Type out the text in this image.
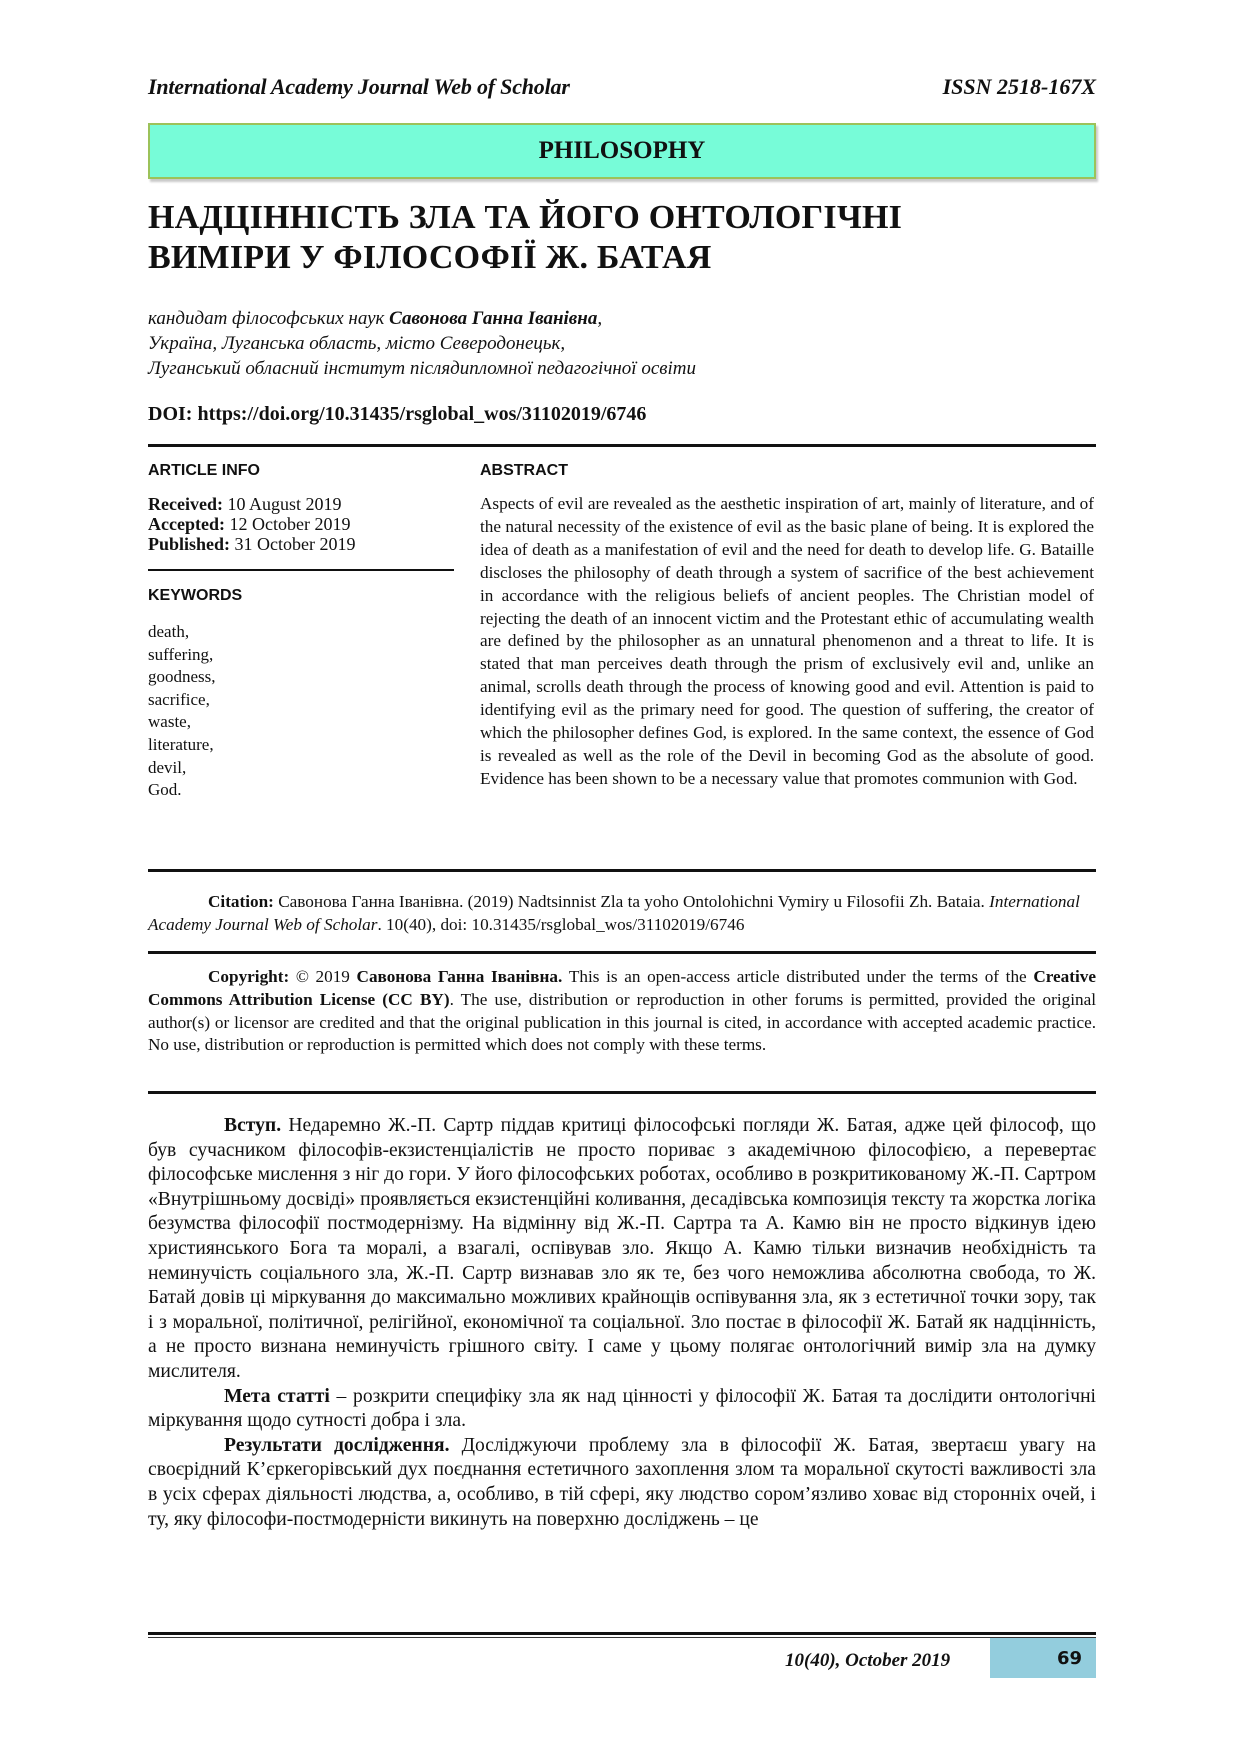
International Academy Journal Web of Scholar	ISSN 2518-167X
PHILOSOPHY
НАДЦІННІСТЬ ЗЛА ТА ЙОГО ОНТОЛОГІЧНІ
ВИМІРИ У ФІЛОСОФІЇ Ж. БАТАЯ
кандидат філософських наук Савонова Ганна Іванівна,
Україна, Луганська область, місто Северодонецьк,
Луганський обласний інститут післядипломної педагогічної освіти
DOI: https://doi.org/10.31435/rsglobal_wos/31102019/6746
ARTICLE INFO
Received: 10 August 2019
Accepted: 12 October 2019
Published: 31 October 2019
KEYWORDS
death,
suffering,
goodness,
sacrifice,
waste,
literature,
devil,
God.
ABSTRACT

Aspects of evil are revealed as the aesthetic inspiration of art, mainly of literature, and of the natural necessity of the existence of evil as the basic plane of being. It is explored the idea of death as a manifestation of evil and the need for death to develop life. G. Bataille discloses the philosophy of death through a system of sacrifice of the best achievement in accordance with the religious beliefs of ancient peoples. The Christian model of rejecting the death of an innocent victim and the Protestant ethic of accumulating wealth are defined by the philosopher as an unnatural phenomenon and a threat to life. It is stated that man perceives death through the prism of exclusively evil and, unlike an animal, scrolls death through the process of knowing good and evil. Attention is paid to identifying evil as the primary need for good. The question of suffering, the creator of which the philosopher defines God, is explored. In the same context, the essence of God is revealed as well as the role of the Devil in becoming God as the absolute of good. Evidence has been shown to be a necessary value that promotes communion with God.

Citation: Савонова Ганна Іванівна. (2019) Nadtsinnist Zla ta yoho Ontolohichni Vymiry u Filosofii Zh. Bataia. International Academy Journal Web of Scholar. 10(40), doi: 10.31435/rsglobal_wos/31102019/6746

Copyright: © 2019 Савонова Ганна Іванівна. This is an open-access article distributed under the terms of the Creative Commons Attribution License (CC BY). The use, distribution or reproduction in other forums is permitted, provided the original author(s) or licensor are credited and that the original publication in this journal is cited, in accordance with accepted academic practice. No use, distribution or reproduction is permitted which does not comply with these terms.

Вступ. Недаремно Ж.-П. Сартр піддав критиці філософські погляди Ж. Батая, адже цей філософ, що був сучасником філософів-екзистенціалістів не просто пориває з академічною філософією, а перевертає філософське мислення з ніг до гори. У його філософських роботах, особливо в розкритикованому Ж.-П. Сартром «Внутрішньому досвіді» проявляється екзистенційні коливання, десадівська композиція тексту та жорстка логіка безумства філософії постмодернізму. На відмінну від Ж.-П. Сартра та А. Камю він не просто відкинув ідею християнського Бога та моралі, а взагалі, оспівував зло. Якщо А. Камю тільки визначив необхідність та неминучість соціального зла, Ж.-П. Сартр визнавав зло як те, без чого неможлива абсолютна свобода, то Ж. Батай довів ці міркування до максимально можливих крайнощів оспівування зла, як з естетичної точки зору, так і з моральної, політичної, релігійної, економічної та соціальної. Зло постає в філософії Ж. Батай як надцінність, а не просто визнана неминучість грішного світу. І саме у цьому полягає онтологічний вимір зла на думку мислителя.

Мета статті – розкрити специфіку зла як над цінності у філософії Ж. Батая та дослідити онтологічні міркування щодо сутності добра і зла.

Результати дослідження. Досліджуючи проблему зла в філософії Ж. Батая, звертаєш увагу на своєрідний К’єркегорівський дух поєднання естетичного захоплення злом та моральної скутості важливості зла в усіх сферах діяльності людства, а, особливо, в тій сфері, яку людство сором’язливо ховає від сторонніх очей, і ту, яку філософи-постмодерністи викинуть на поверхню досліджень – це

10(40), October 2019	69
